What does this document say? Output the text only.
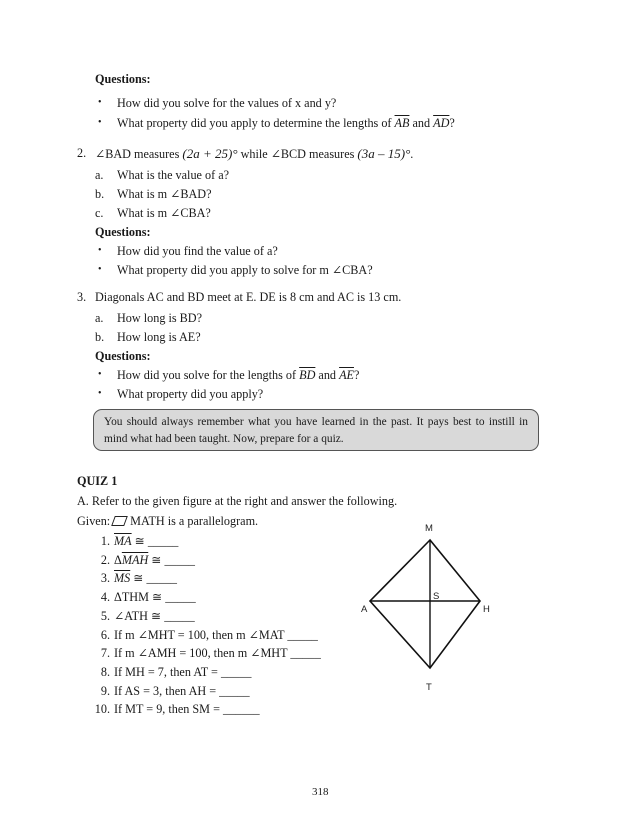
Questions:
• How did you solve for the values of x and y?
• What property did you apply to determine the lengths of $\overline{AB}$ and $\overline{AD}$?
2. ∠BAD measures (2a + 25)° while ∠BCD measures (3a – 15)°.
a. What is the value of a?
b. What is m ∠BAD?
c. What is m ∠CBA?
Questions:
• How did you find the value of a?
• What property did you apply to solve for m ∠CBA?
3. Diagonals AC and BD meet at E. DE is 8 cm and AC is 13 cm.
a. How long is BD?
b. How long is AE?
Questions:
• How did you solve for the lengths of $\overline{BD}$ and $\overline{AE}$?
• What property did you apply?
You should always remember what you have learned in the past. It pays best to instill in mind what had been taught. Now, prepare for a quiz.
QUIZ 1
A. Refer to the given figure at the right and answer the following.
Given: MATH is a parallelogram.
1. $\overline{MA}$ ≅ _____
2. $\Delta\overline{MAH}$ ≅ _____
3. $\overline{MS}$ ≅ _____
4. ΔTHM ≅ _____
5. ∠ATH ≅ _____
6. If m ∠MHT = 100, then m ∠MAT _____
7. If m ∠AMH = 100, then m ∠MHT _____
8. If MH = 7, then AT = _____
9. If AS = 3, then AH = _____
10. If MT = 9, then SM = ______
M
A
S
H
T
318
